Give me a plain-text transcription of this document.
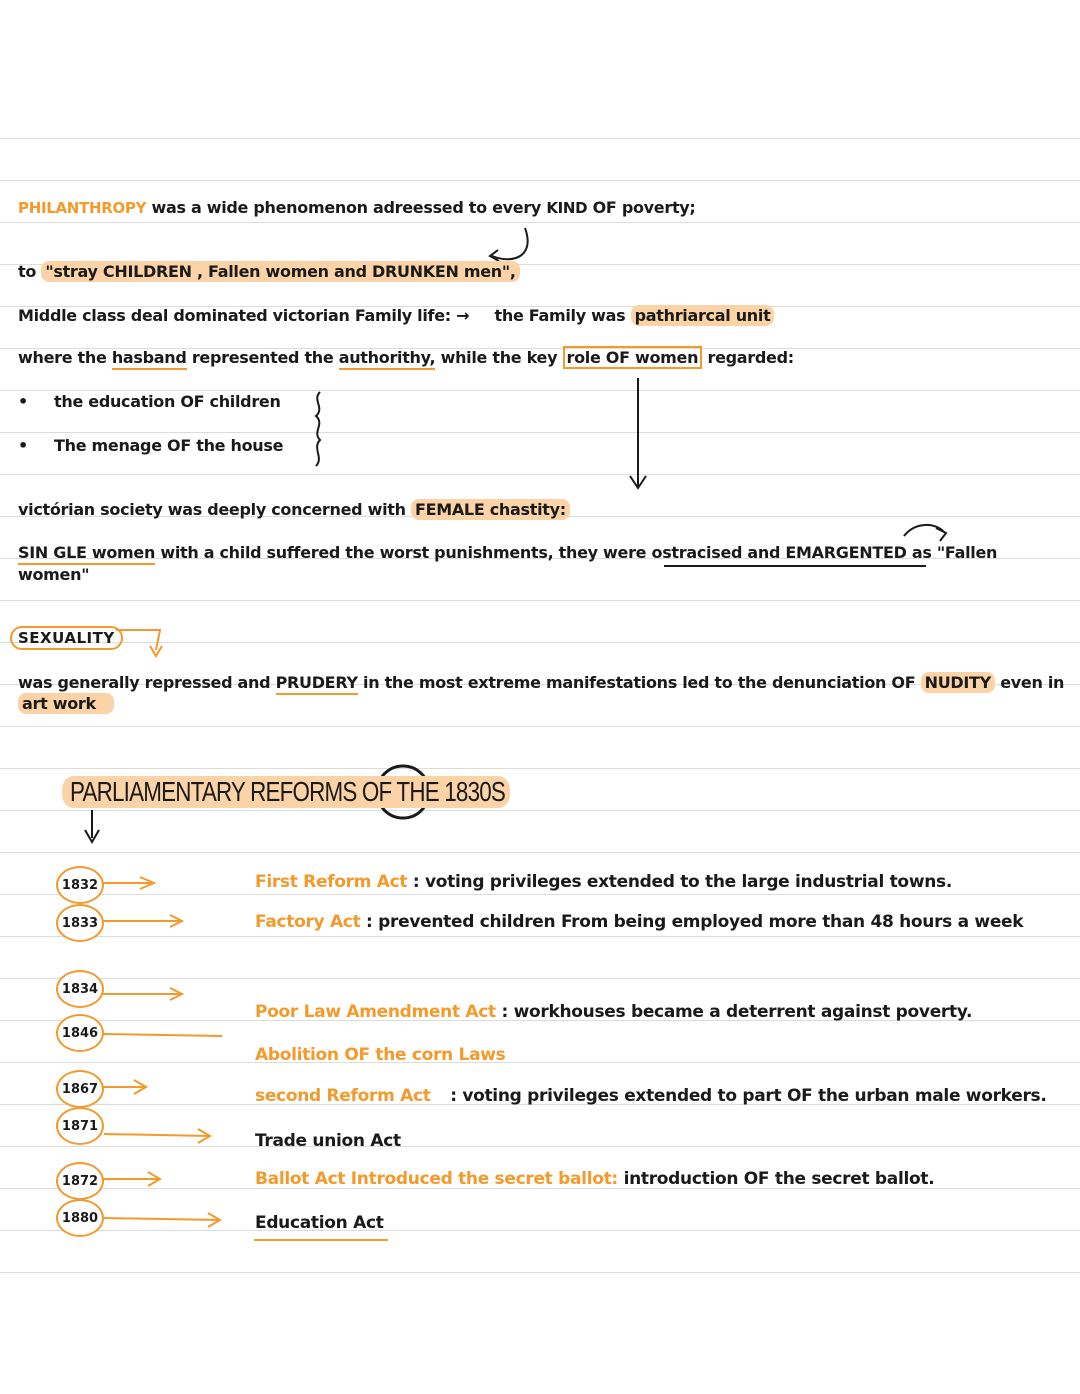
PHILANTHROPY was a wide phenomenon adreessed to every KIND OF poverty;
to "stray CHILDREN , Fallen women and DRUNKEN men",
Middle class deal dominated victorian Family life: → the Family was pathriarcal unit
where the hasband represented the authorithy, while the key role OF women regarded:
• the education OF children
• The menage OF the house
victórian society was deeply concerned with FEMALE chastity:
SIN GLE women with a child suffered the worst punishments, they were ostracised and EMARGENTED as "Fallen
women"
SEXUALITY
was generally repressed and PRUDERY in the most extreme manifestations led to the denunciation OF NUDITY even in
art work
PARLIAMENTARY REFORMS OF THE 1830S
1832
1833
1834
1846
1867
1871
1872
1880
First Reform Act : voting privileges extended to the large industrial towns.
Factory Act : prevented children From being employed more than 48 hours a week
Poor Law Amendment Act : workhouses became a deterrent against poverty.
Abolition OF the corn Laws
second Reform Act : voting privileges extended to part OF the urban male workers.
Trade union Act
Ballot Act Introduced the secret ballot: introduction OF the secret ballot.
Education Act
